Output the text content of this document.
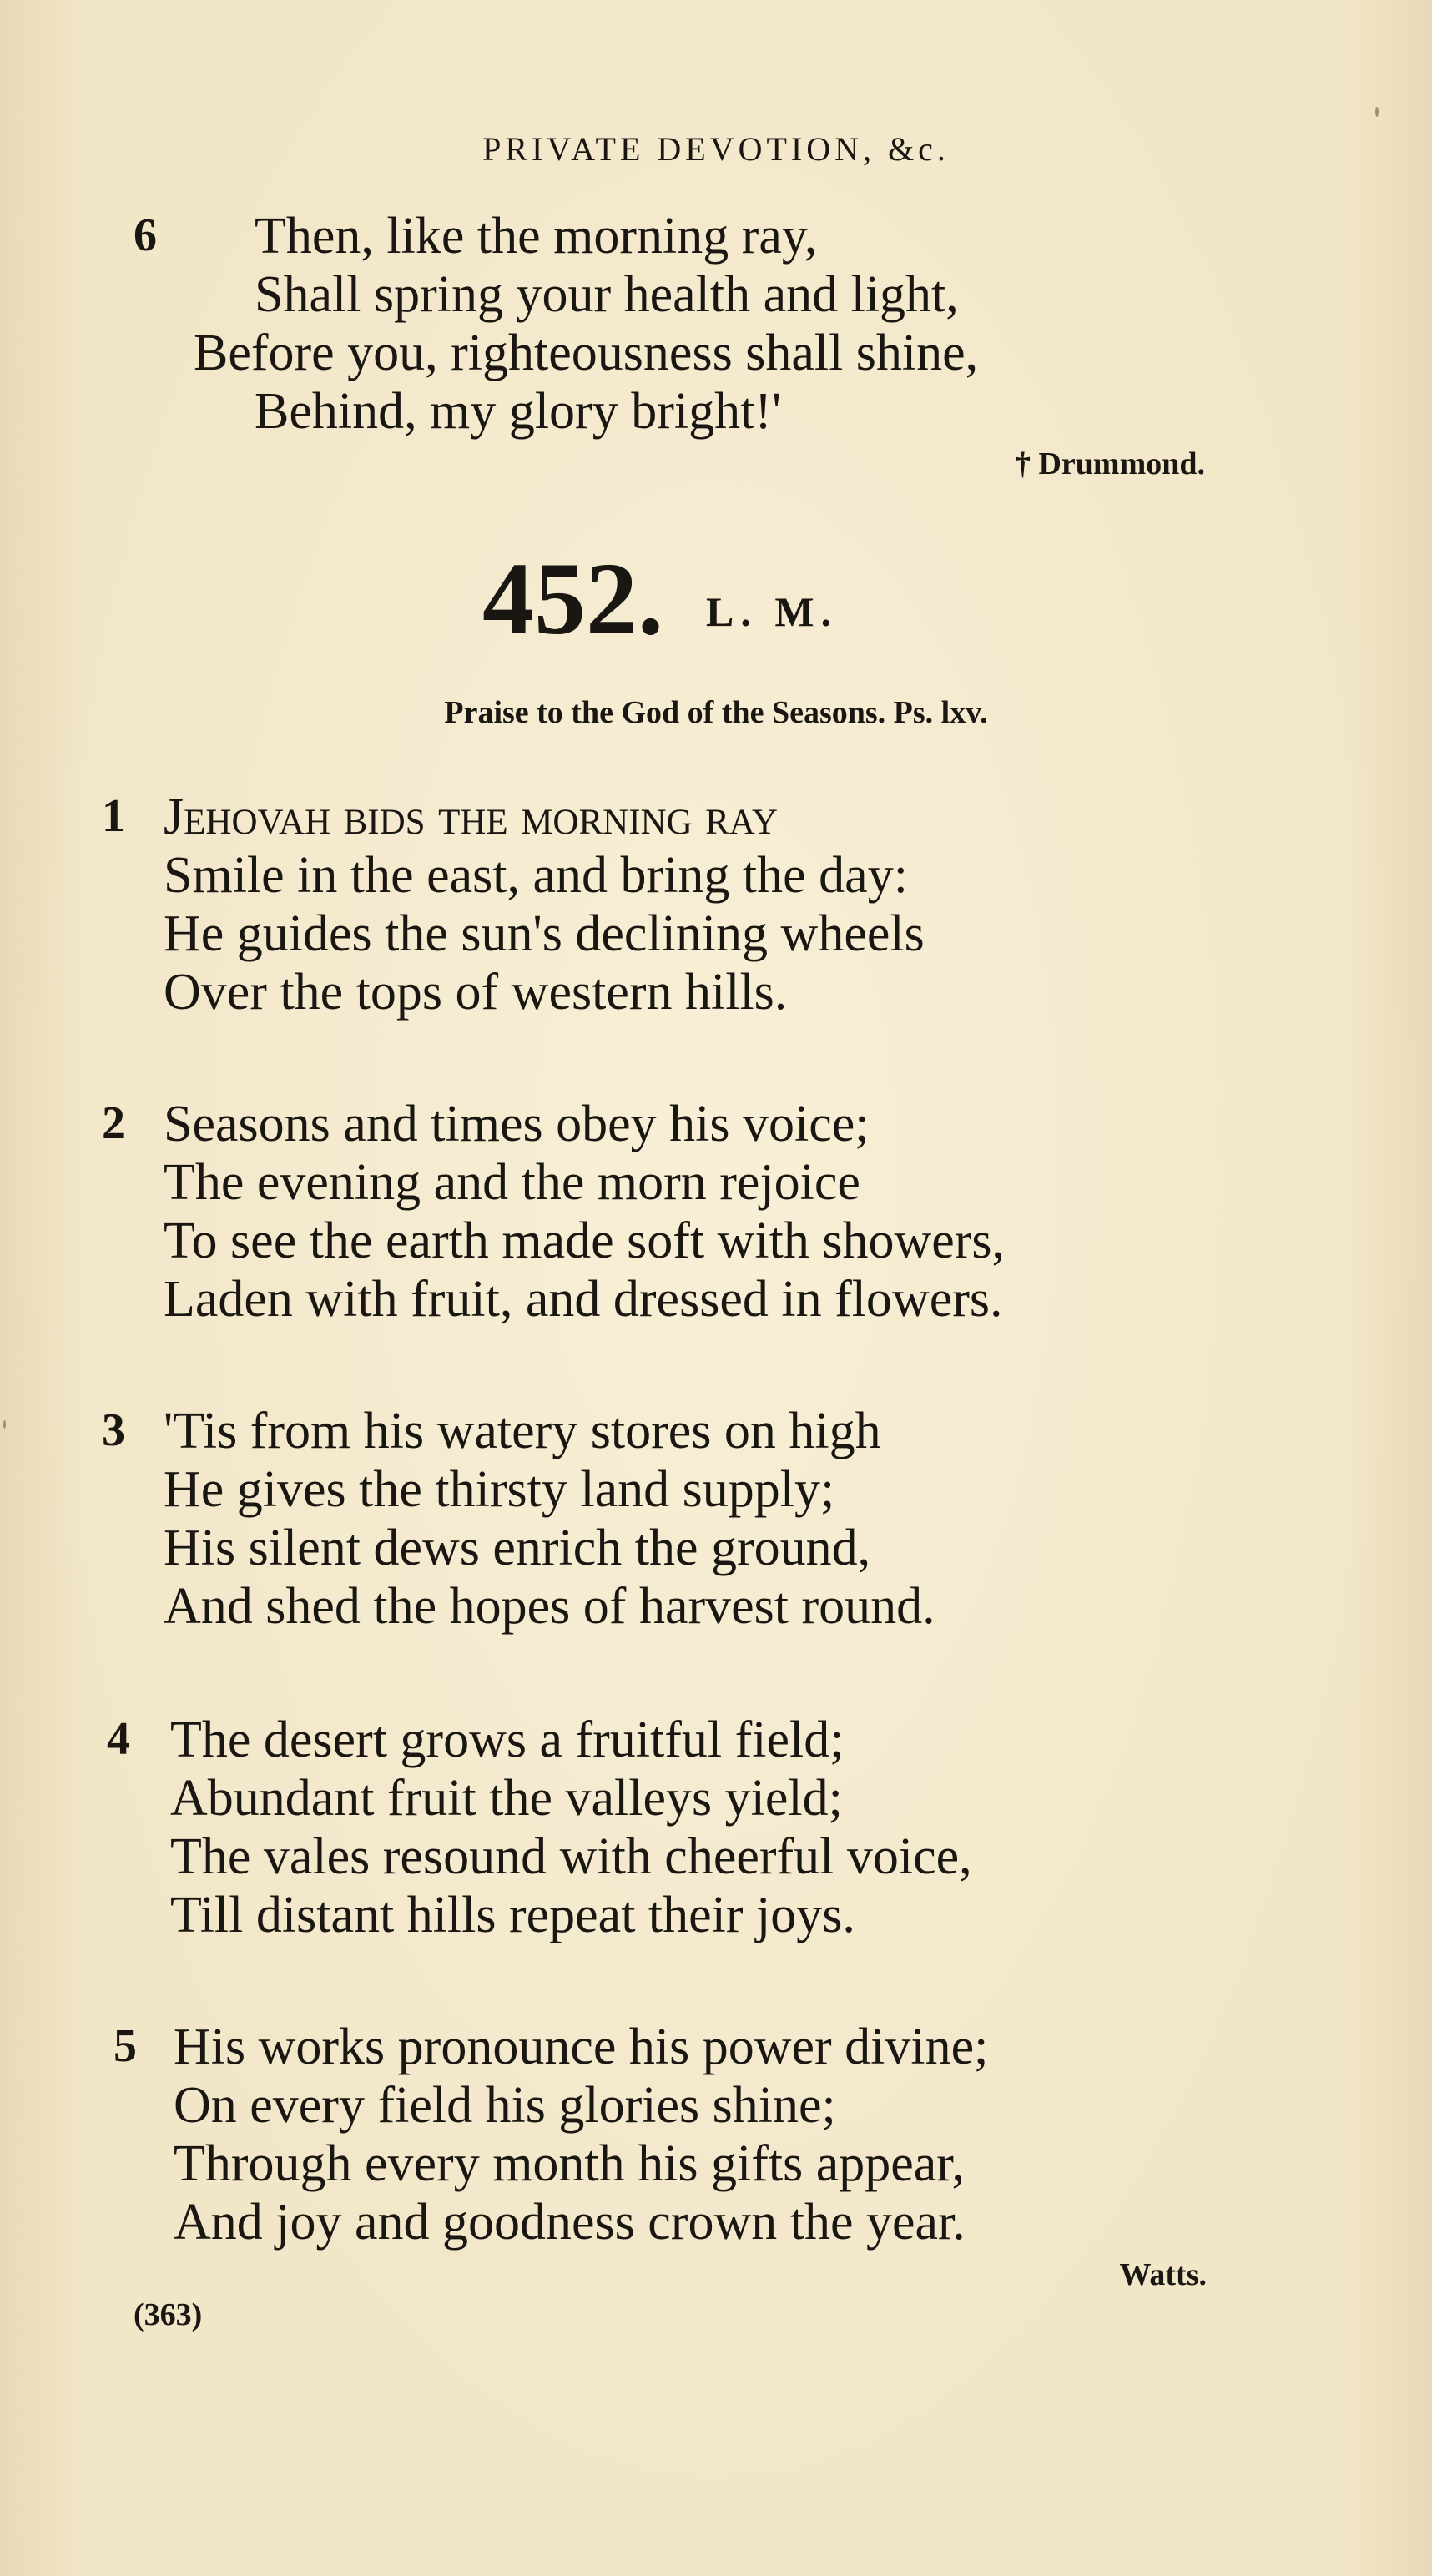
PRIVATE DEVOTION, &c.
6 Then, like the morning ray,
Shall spring your health and light,
Before you, righteousness shall shine,
Behind, my glory bright!'
† Drummond.
452. L. M.
Praise to the God of the Seasons. Ps. lxv.
1 Jehovah bids the morning ray
Smile in the east, and bring the day:
He guides the sun's declining wheels
Over the tops of western hills.
2 Seasons and times obey his voice;
The evening and the morn rejoice
To see the earth made soft with showers,
Laden with fruit, and dressed in flowers.
3 'Tis from his watery stores on high
He gives the thirsty land supply;
His silent dews enrich the ground,
And shed the hopes of harvest round.
4 The desert grows a fruitful field;
Abundant fruit the valleys yield;
The vales resound with cheerful voice,
Till distant hills repeat their joys.
5 His works pronounce his power divine;
On every field his glories shine;
Through every month his gifts appear,
And joy and goodness crown the year.
Watts.
(363)
